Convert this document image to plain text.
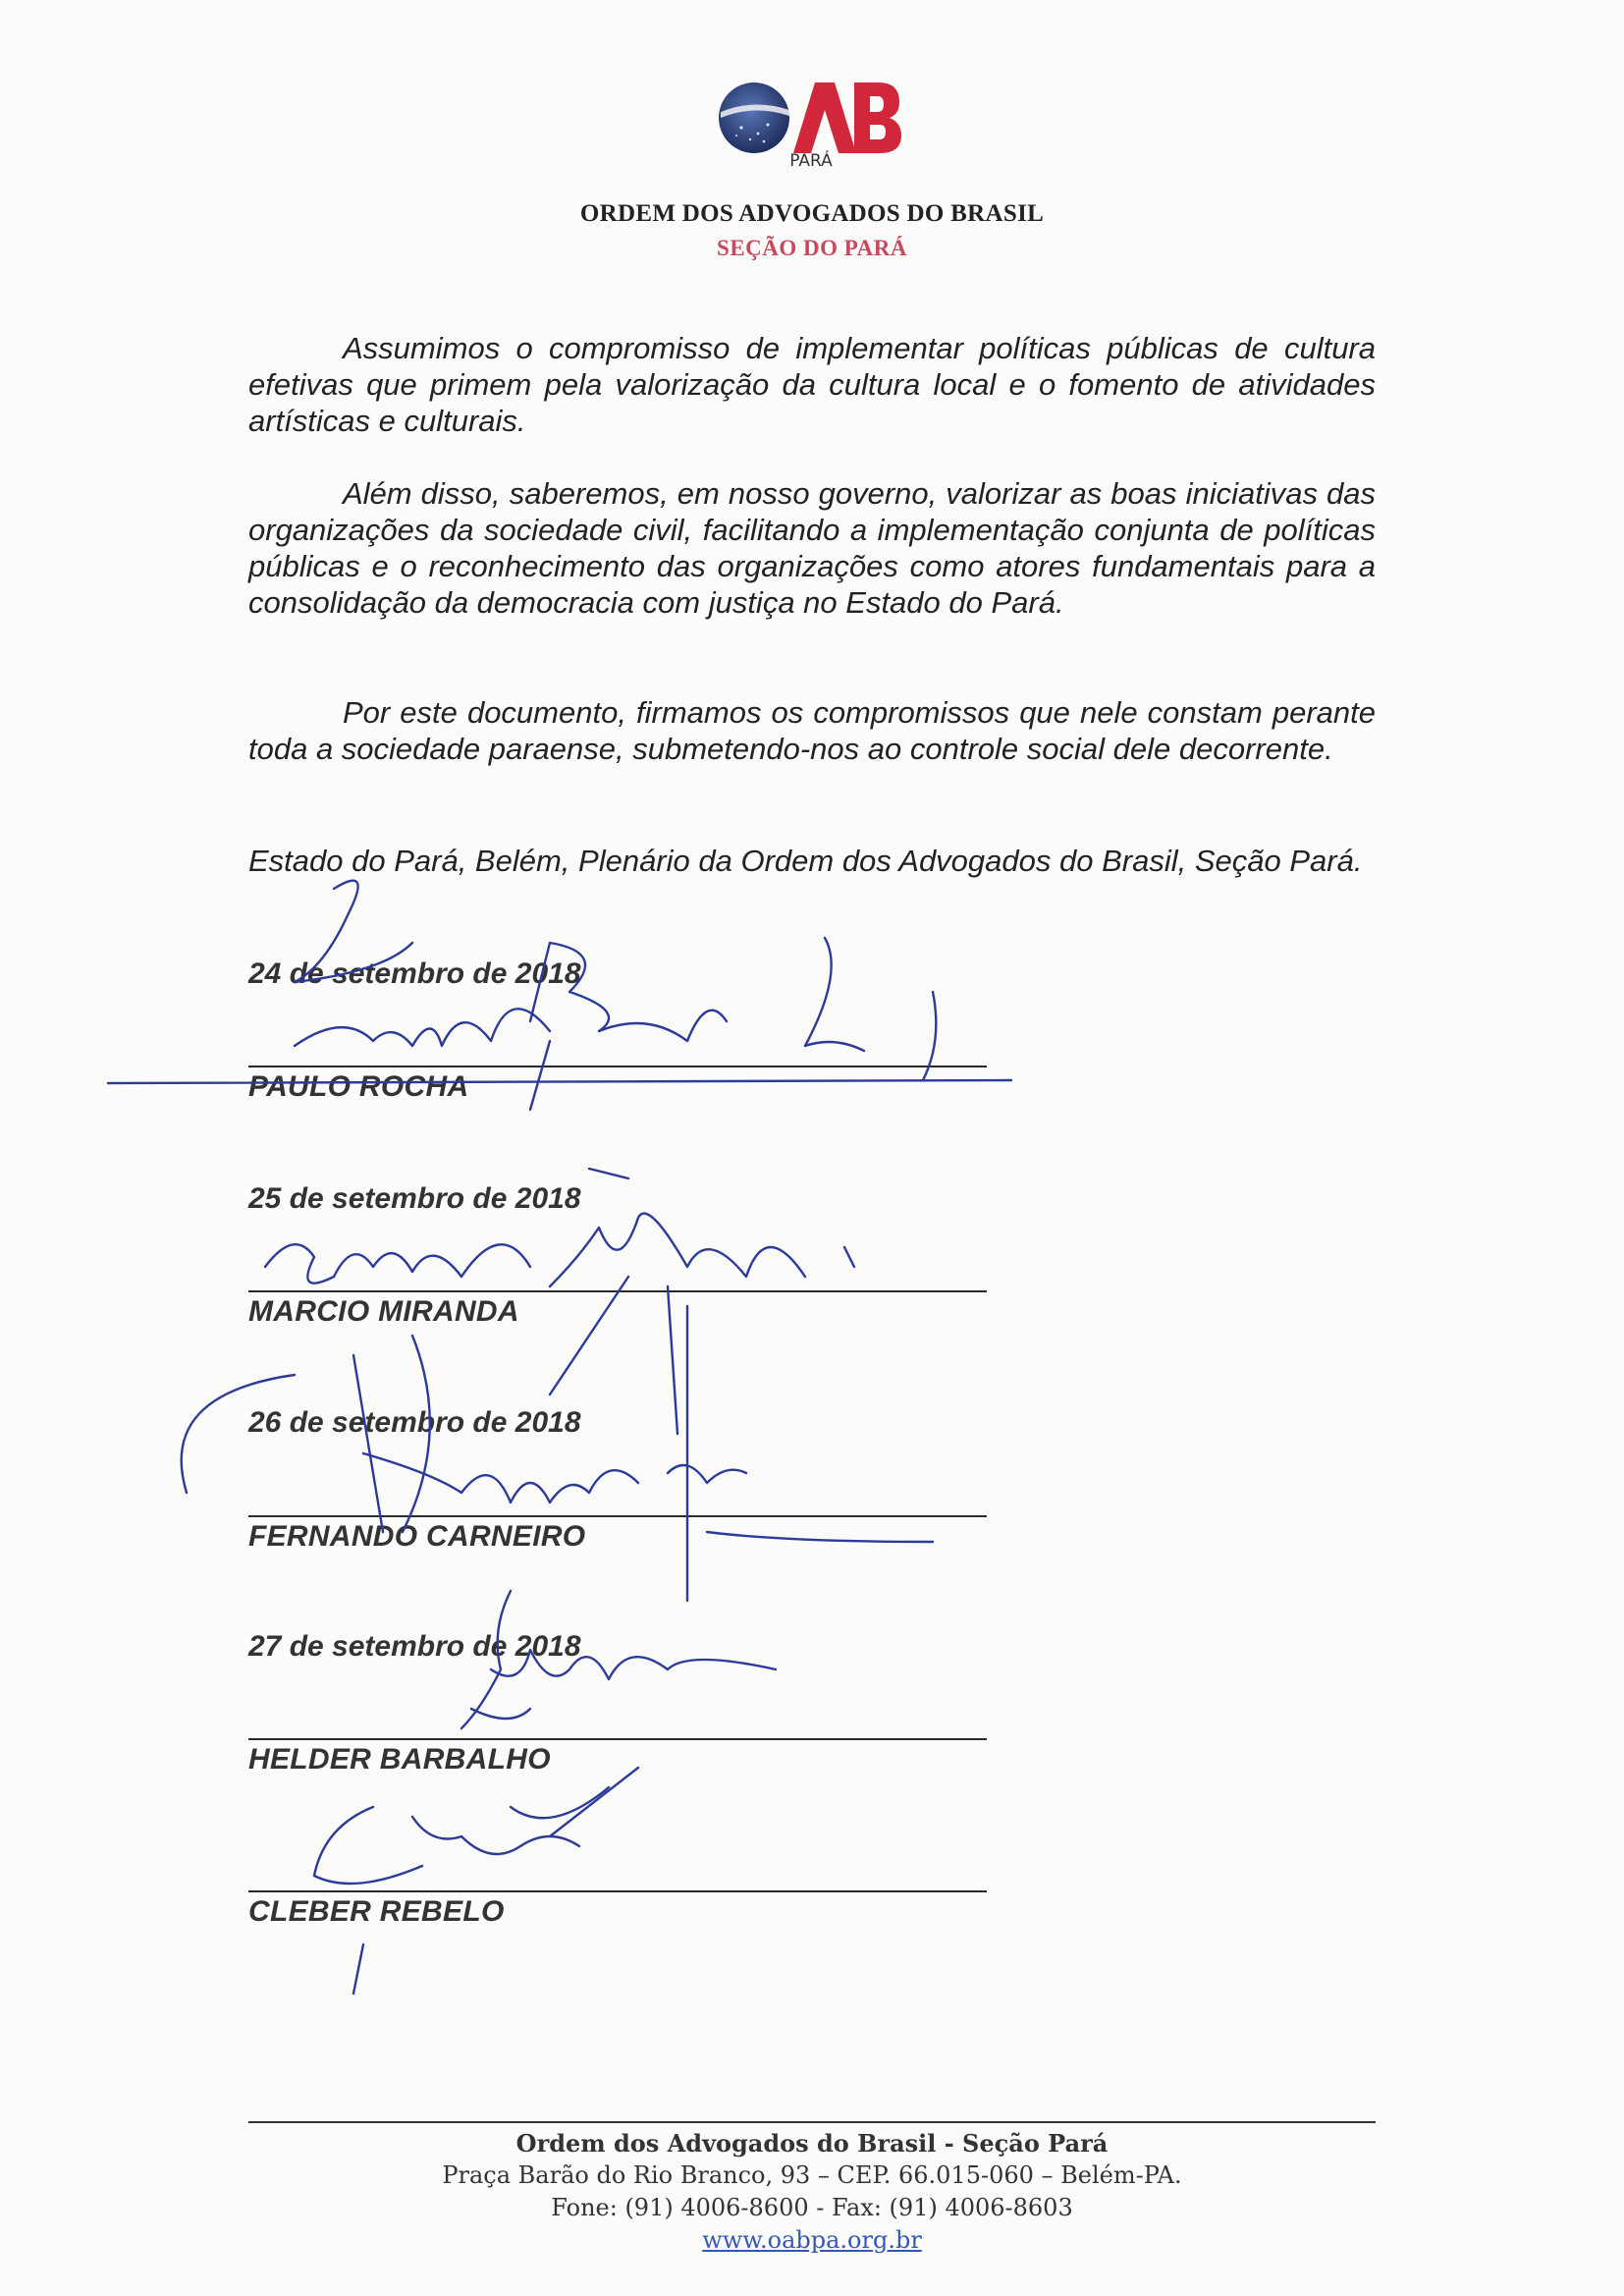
PARÁ
ORDEM DOS ADVOGADOS DO BRASIL
SEÇÃO DO PARÁ

Assumimos o compromisso de implementar políticas públicas de cultura efetivas que primem pela valorização da cultura local e o fomento de atividades artísticas e culturais.

Além disso, saberemos, em nosso governo, valorizar as boas iniciativas das organizações da sociedade civil, facilitando a implementação conjunta de políticas públicas e o reconhecimento das organizações como atores fundamentais para a consolidação da democracia com justiça no Estado do Pará.

Por este documento, firmamos os compromissos que nele constam perante toda a sociedade paraense, submetendo-nos ao controle social dele decorrente.

Estado do Pará, Belém, Plenário da Ordem dos Advogados do Brasil, Seção Pará.

24 de setembro de 2018
PAULO ROCHA
25 de setembro de 2018
MARCIO MIRANDA
26 de setembro de 2018
FERNANDO CARNEIRO
27 de setembro de 2018
HELDER BARBALHO
CLEBER REBELO
Ordem dos Advogados do Brasil - Seção Pará
Praça Barão do Rio Branco, 93 – CEP. 66.015-060 – Belém-PA.
Fone: (91) 4006-8600 - Fax: (91) 4006-8603
www.oabpa.org.br
